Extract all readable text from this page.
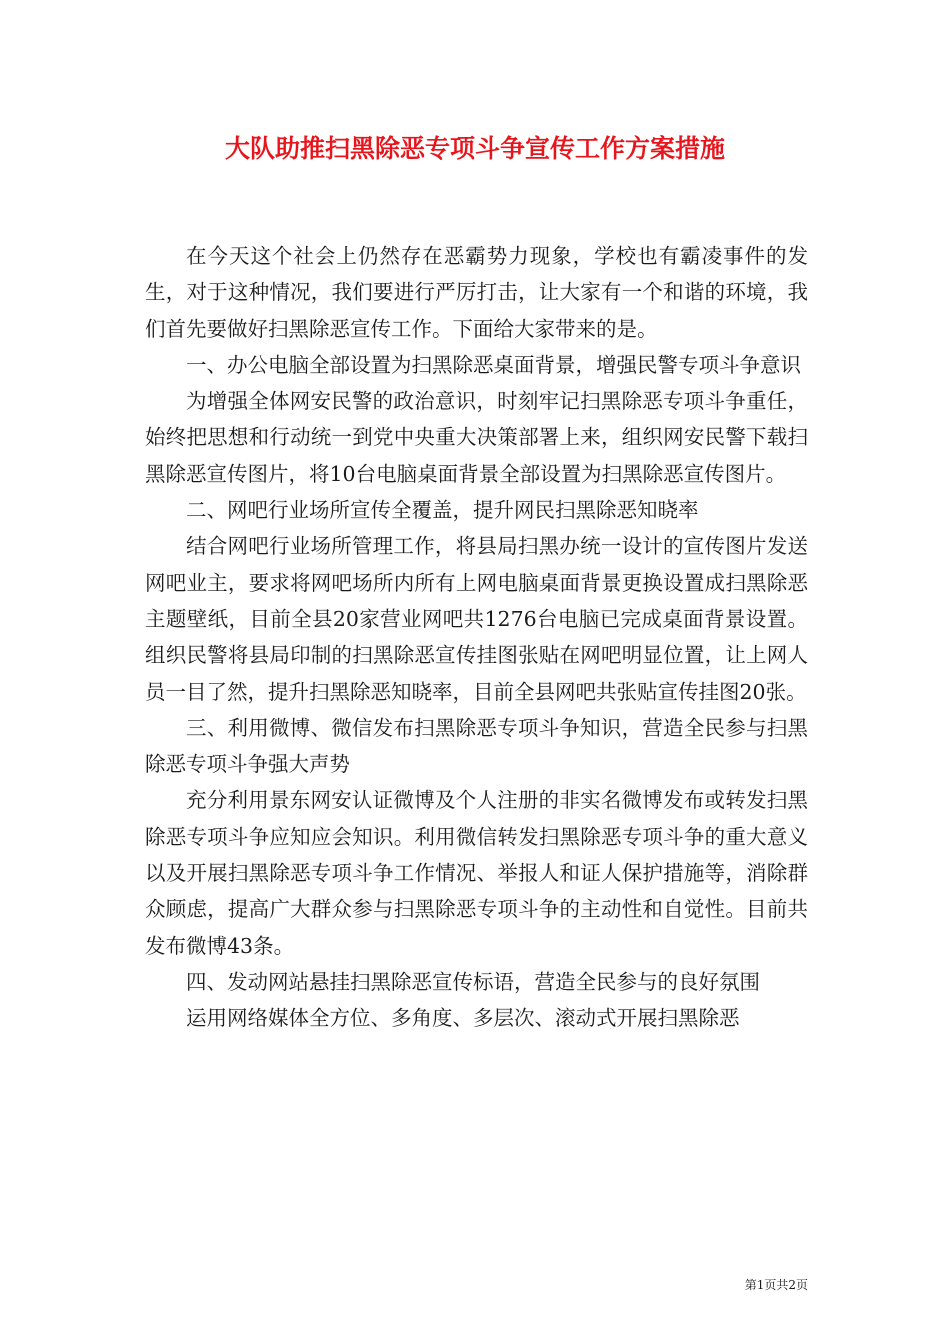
大队助推扫黑除恶专项斗争宣传工作方案措施

在今天这个社会上仍然存在恶霸势力现象，学校也有霸凌事件的发生，对于这种情况，我们要进行严厉打击，让大家有一个和谐的环境，我们首先要做好扫黑除恶宣传工作。下面给大家带来的是。

一、办公电脑全部设置为扫黑除恶桌面背景，增强民警专项斗争意识

为增强全体网安民警的政治意识，时刻牢记扫黑除恶专项斗争重任，始终把思想和行动统一到党中央重大决策部署上来，组织网安民警下载扫黑除恶宣传图片，将10台电脑桌面背景全部设置为扫黑除恶宣传图片。

二、网吧行业场所宣传全覆盖，提升网民扫黑除恶知晓率

结合网吧行业场所管理工作，将县局扫黑办统一设计的宣传图片发送网吧业主，要求将网吧场所内所有上网电脑桌面背景更换设置成扫黑除恶主题壁纸，目前全县20家营业网吧共1276台电脑已完成桌面背景设置。组织民警将县局印制的扫黑除恶宣传挂图张贴在网吧明显位置，让上网人员一目了然，提升扫黑除恶知晓率，目前全县网吧共张贴宣传挂图20张。

三、利用微博、微信发布扫黑除恶专项斗争知识，营造全民参与扫黑除恶专项斗争强大声势

充分利用景东网安认证微博及个人注册的非实名微博发布或转发扫黑除恶专项斗争应知应会知识。利用微信转发扫黑除恶专项斗争的重大意义以及开展扫黑除恶专项斗争工作情况、举报人和证人保护措施等，消除群众顾虑，提高广大群众参与扫黑除恶专项斗争的主动性和自觉性。目前共发布微博43条。

四、发动网站悬挂扫黑除恶宣传标语，营造全民参与的良好氛围

运用网络媒体全方位、多角度、多层次、滚动式开展扫黑除恶

第1页共2页
